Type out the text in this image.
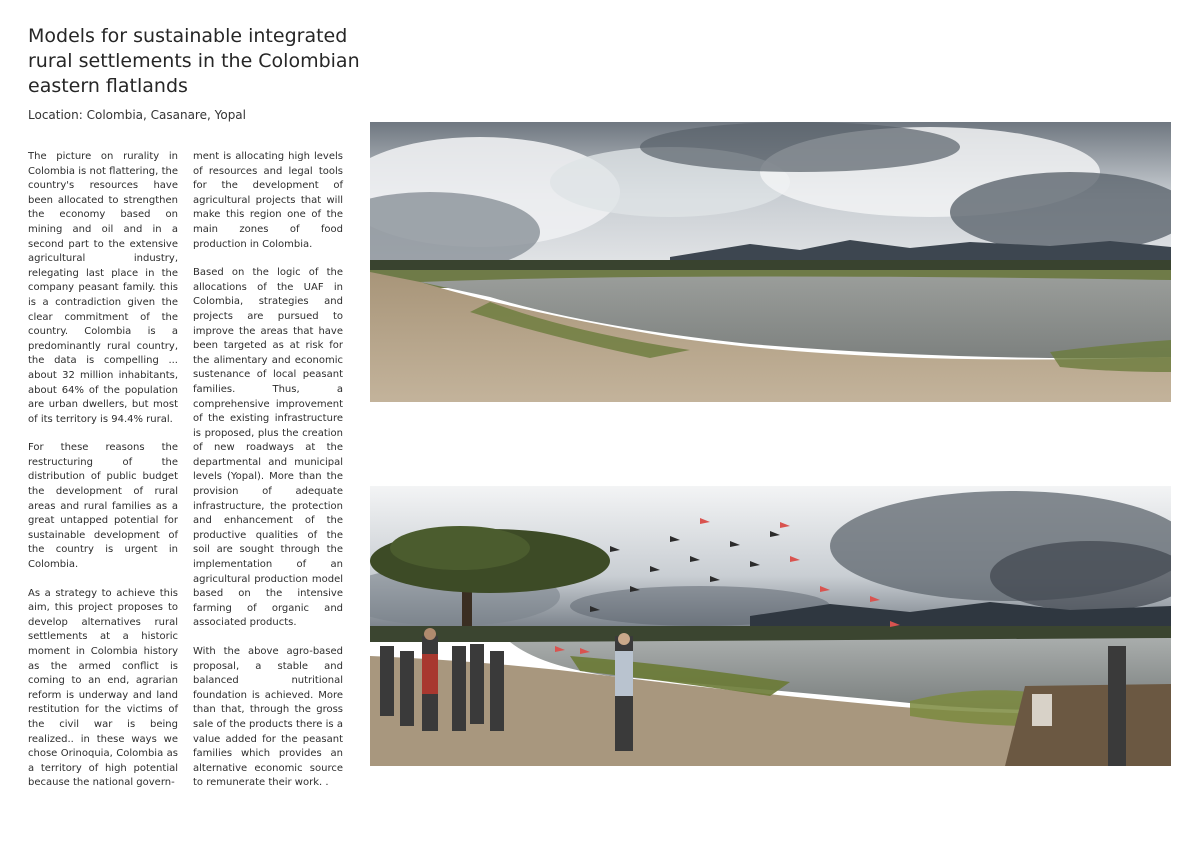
Models for sustainable integrated rural settlements in the Colombian eastern flatlands
Location: Colombia, Casanare, Yopal

The picture on rurality in Colombia is not flattering, the country's resources have been allocated to strengthen the economy based on mining and oil and in a second part to the extensive agricultural industry, relegating last place in the company peasant family. this is a contradiction given the clear commitment of the country. Colombia is a predominantly rural country, the data is compelling ... about 32 million inhabitants, about 64% of the population are urban dwellers, but most of its territory is 94.4% rural.

For these reasons the restructuring of the distribution of public budget the development of rural areas and rural families as a great untapped potential for sustainable development of the country is urgent in Colombia.

As a strategy to achieve this aim, this project proposes to develop alternatives rural settlements at a historic moment in Colombia history as the armed conflict is coming to an end, agrarian reform is underway and land restitution for the victims of the civil war is being realized.. in these ways we chose Orinoquia, Colombia as a territory of high potential because the national govern-

ment is allocating high levels of resources and legal tools for the development of agricultural projects that will make this region one of the main zones of food production in Colombia.

Based on the logic of the allocations of the UAF in Colombia, strategies and projects are pursued to improve the areas that have been targeted as at risk for the alimentary and economic sustenance of local peasant families. Thus, a comprehensive improvement of the existing infrastructure is proposed, plus the creation of new roadways at the departmental and municipal levels (Yopal). More than the provision of adequate infrastructure, the protection and enhancement of the productive qualities of the soil are sought through the implementation of an agricultural production model based on the intensive farming of organic and associated products.

With the above agro-based proposal, a stable and balanced nutritional foundation is achieved. More than that, through the gross sale of the products there is a value added for the peasant families which provides an alternative economic source to remunerate their work. .
